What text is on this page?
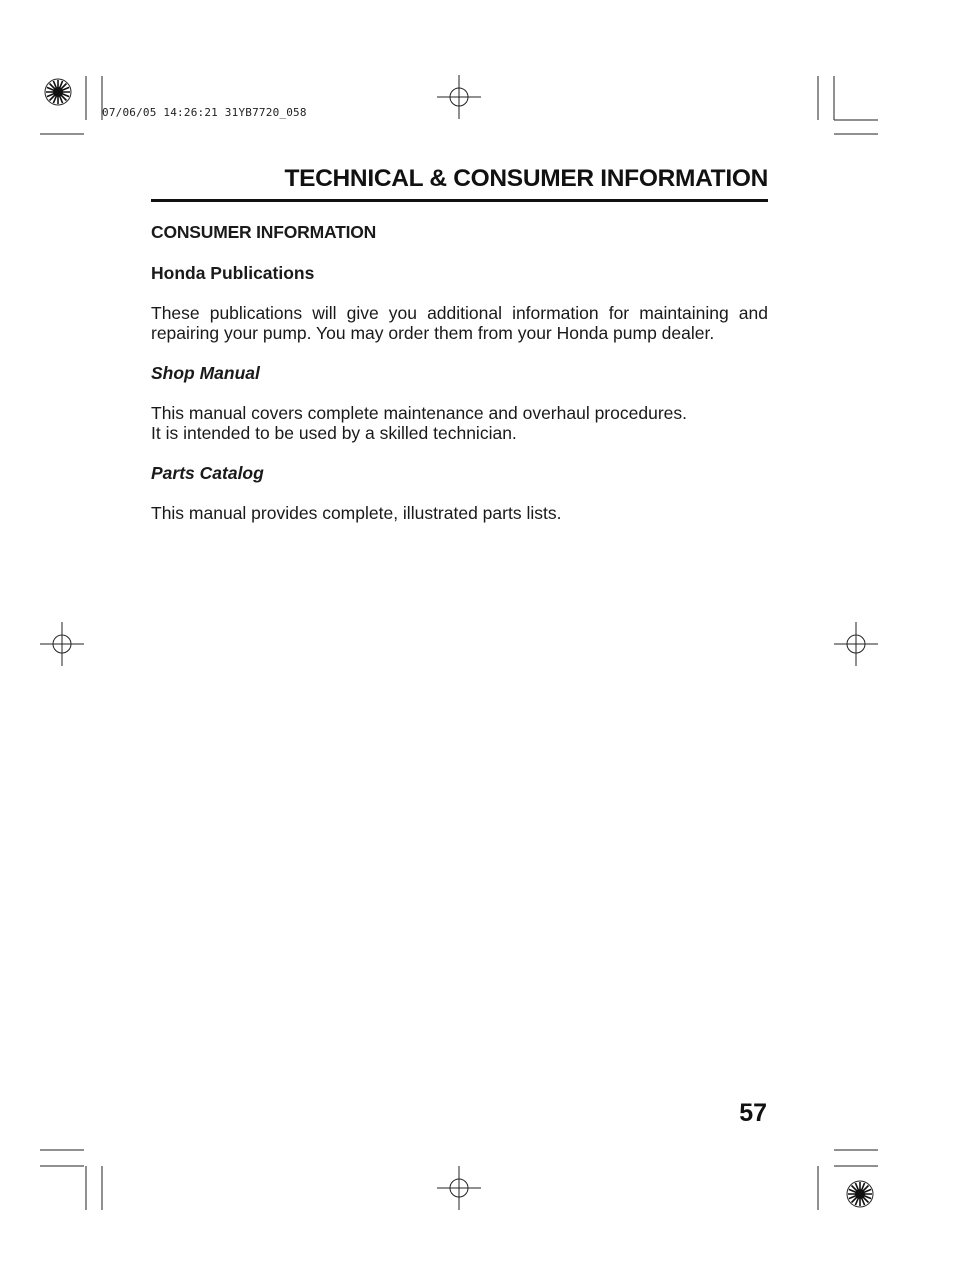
07/06/05 14:26:21 31YB7720_058
TECHNICAL & CONSUMER INFORMATION
CONSUMER INFORMATION
Honda Publications

These publications will give you additional information for maintaining and repairing your pump. You may order them from your Honda pump dealer.

Shop Manual

This manual covers complete maintenance and overhaul procedures.
It is intended to be used by a skilled technician.

Parts Catalog

This manual provides complete, illustrated parts lists.

57
